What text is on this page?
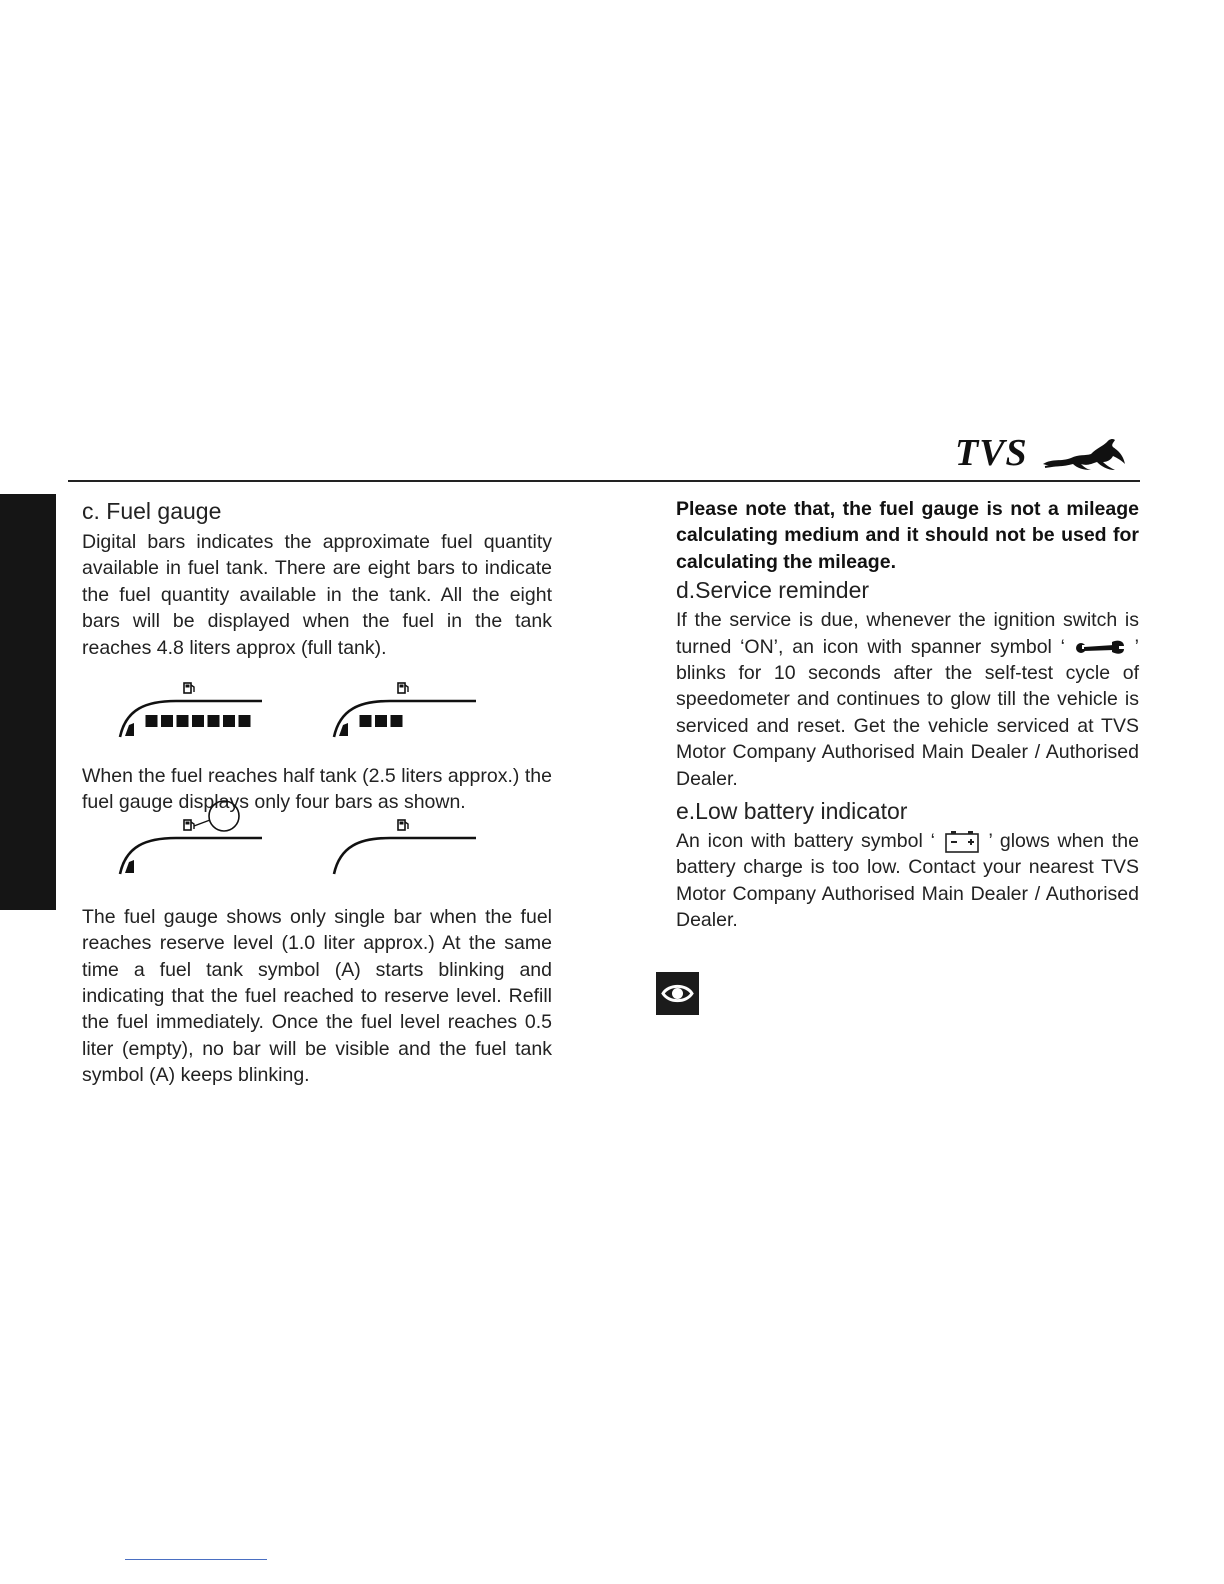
TVS
c. Fuel gauge

Digital bars indicates the approximate fuel quantity available in fuel tank. There are eight bars to indicate the fuel quantity available in the tank. All the eight bars will be displayed when the fuel in the tank reaches 4.8 liters approx (full tank).

When the fuel reaches half tank (2.5 liters approx.) the fuel gauge displays only four bars as shown.

The fuel gauge shows only single bar when the fuel reaches reserve level (1.0 liter approx.) At the same time a fuel tank symbol (A) starts blinking and indicating that the fuel reached to reserve level. Refill the fuel immediately. Once the fuel level reaches 0.5 liter (empty), no bar will be visible and the fuel tank symbol (A) keeps blinking.

Please note that, the fuel gauge is not a mileage calculating medium and it should not be used for calculating the mileage.

d.Service reminder

If the service is due, whenever the ignition switch is turned ‘ON’, an icon with spanner symbol ‘	’ blinks for 10 seconds after the self-test cycle of speedometer and continues to glow till the vehicle is serviced and reset. Get the vehicle serviced at TVS Motor Company Authorised Main Dealer / Authorised Dealer.

e.Low battery indicator

An icon with battery symbol ‘	’ glows when the battery charge is too low. Contact your nearest TVS Motor Company Authorised Main Dealer / Authorised Dealer.
